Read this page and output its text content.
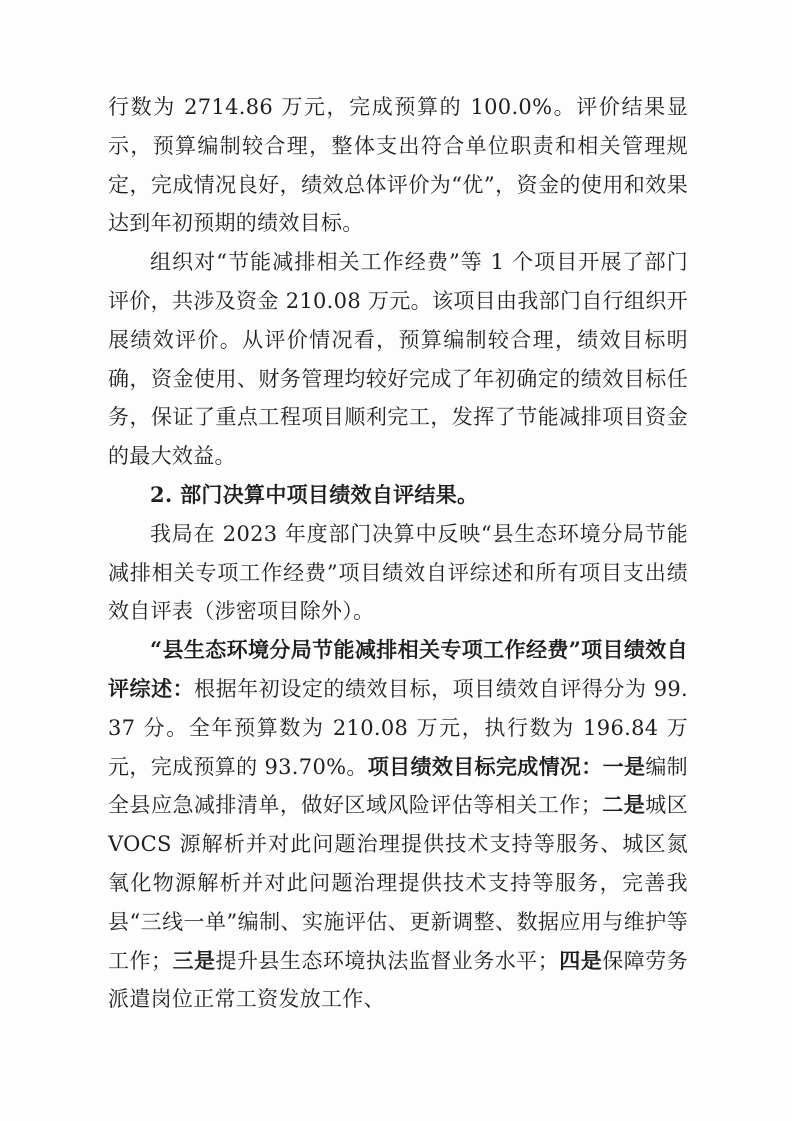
行数为 2714.86 万元，完成预算的 100.0%。评价结果显示，预算编制较合理，整体支出符合单位职责和相关管理规定，完成情况良好，绩效总体评价为“优”，资金的使用和效果达到年初预期的绩效目标。

组织对“节能减排相关工作经费”等 1 个项目开展了部门评价，共涉及资金 210.08 万元。该项目由我部门自行组织开展绩效评价。从评价情况看，预算编制较合理，绩效目标明确，资金使用、财务管理均较好完成了年初确定的绩效目标任务，保证了重点工程项目顺利完工，发挥了节能减排项目资金的最大效益。

2. 部门决算中项目绩效自评结果。

我局在 2023 年度部门决算中反映“县生态环境分局节能减排相关专项工作经费”项目绩效自评综述和所有项目支出绩效自评表（涉密项目除外）。

“县生态环境分局节能减排相关专项工作经费”项目绩效自评综述：根据年初设定的绩效目标，项目绩效自评得分为 99.37 分。全年预算数为 210.08 万元，执行数为 196.84 万元，完成预算的 93.70%。项目绩效目标完成情况：一是编制全县应急减排清单，做好区域风险评估等相关工作；二是城区 VOCS 源解析并对此问题治理提供技术支持等服务、城区氮氧化物源解析并对此问题治理提供技术支持等服务，完善我县“三线一单”编制、实施评估、更新调整、数据应用与维护等工作；三是提升县生态环境执法监督业务水平；四是保障劳务派遣岗位正常工资发放工作、
